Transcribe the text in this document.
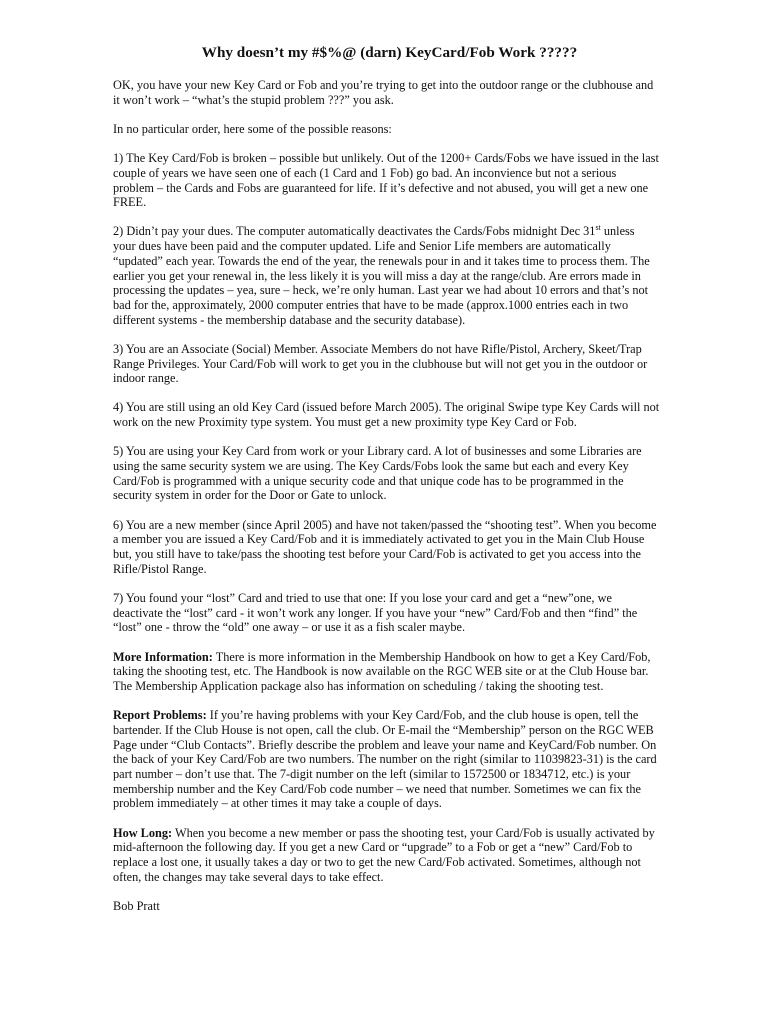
Why doesn’t my #$%@ (darn) KeyCard/Fob Work ?????

OK, you have your new Key Card or Fob and you’re trying to get into the outdoor range or the clubhouse and it won’t work – “what’s the stupid problem ???” you ask.

In no particular order, here some of the possible reasons:

1) The Key Card/Fob is broken – possible but unlikely. Out of the 1200+ Cards/Fobs we have issued in the last couple of years we have seen one of each (1 Card and 1 Fob) go bad. An inconvience but not a serious problem – the Cards and Fobs are guaranteed for life. If it’s defective and not abused, you will get a new one FREE.

2) Didn’t pay your dues. The computer automatically deactivates the Cards/Fobs midnight Dec 31st unless your dues have been paid and the computer updated. Life and Senior Life members are automatically “updated” each year. Towards the end of the year, the renewals pour in and it takes time to process them. The earlier you get your renewal in, the less likely it is you will miss a day at the range/club. Are errors made in processing the updates – yea, sure – heck, we’re only human. Last year we had about 10 errors and that’s not bad for the, approximately, 2000 computer entries that have to be made (approx.1000 entries each in two different systems - the membership database and the security database).

3) You are an Associate (Social) Member. Associate Members do not have Rifle/Pistol, Archery, Skeet/Trap Range Privileges. Your Card/Fob will work to get you in the clubhouse but will not get you in the outdoor or indoor range.

4) You are still using an old Key Card (issued before March 2005). The original Swipe type Key Cards will not work on the new Proximity type system. You must get a new proximity type Key Card or Fob.

5) You are using your Key Card from work or your Library card. A lot of businesses and some Libraries are using the same security system we are using. The Key Cards/Fobs look the same but each and every Key Card/Fob is programmed with a unique security code and that unique code has to be programmed in the security system in order for the Door or Gate to unlock.

6) You are a new member (since April 2005) and have not taken/passed the “shooting test”. When you become a member you are issued a Key Card/Fob and it is immediately activated to get you in the Main Club House but, you still have to take/pass the shooting test before your Card/Fob is activated to get you access into the Rifle/Pistol Range.

7) You found your “lost” Card and tried to use that one: If you lose your card and get a “new”one, we deactivate the “lost” card - it won’t work any longer. If you have your “new” Card/Fob and then “find” the “lost” one - throw the “old” one away – or use it as a fish scaler maybe.

More Information: There is more information in the Membership Handbook on how to get a Key Card/Fob, taking the shooting test, etc. The Handbook is now available on the RGC WEB site or at the Club House bar. The Membership Application package also has information on scheduling / taking the shooting test.

Report Problems: If you’re having problems with your Key Card/Fob, and the club house is open, tell the bartender. If the Club House is not open, call the club. Or E-mail the “Membership” person on the RGC WEB Page under “Club Contacts”. Briefly describe the problem and leave your name and KeyCard/Fob number. On the back of your Key Card/Fob are two numbers. The number on the right (similar to 11039823-31) is the card part number – don’t use that. The 7-digit number on the left (similar to 1572500 or 1834712, etc.) is your membership number and the Key Card/Fob code number – we need that number. Sometimes we can fix the problem immediately – at other times it may take a couple of days.

How Long: When you become a new member or pass the shooting test, your Card/Fob is usually activated by mid-afternoon the following day. If you get a new Card or “upgrade” to a Fob or get a “new” Card/Fob to replace a lost one, it usually takes a day or two to get the new Card/Fob activated. Sometimes, although not often, the changes may take several days to take effect.

Bob Pratt
